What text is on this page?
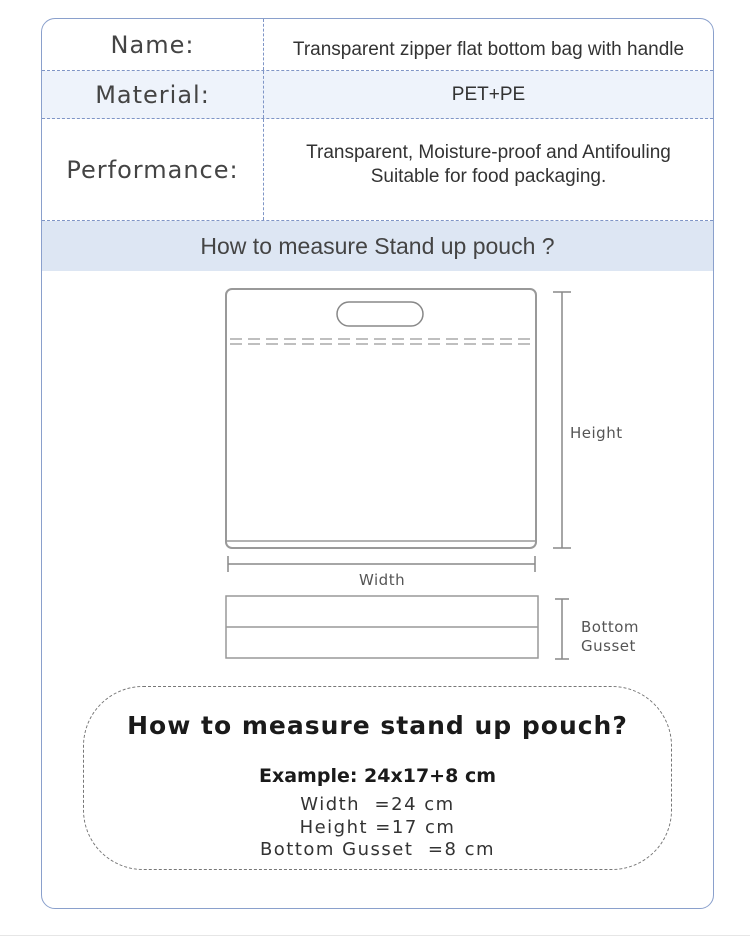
Name:	Transparent zipper flat bottom bag with handle
Material:	PET+PE
Performance:
Transparent, Moisture-proof and Antifouling
Suitable for food packaging.
How to measure Stand up pouch ?
Height
Width
Bottom
Gusset
How to measure stand up pouch?
Example: 24x17+8 cm
Width  =24 cm
Height =17 cm
Bottom Gusset  =8 cm
